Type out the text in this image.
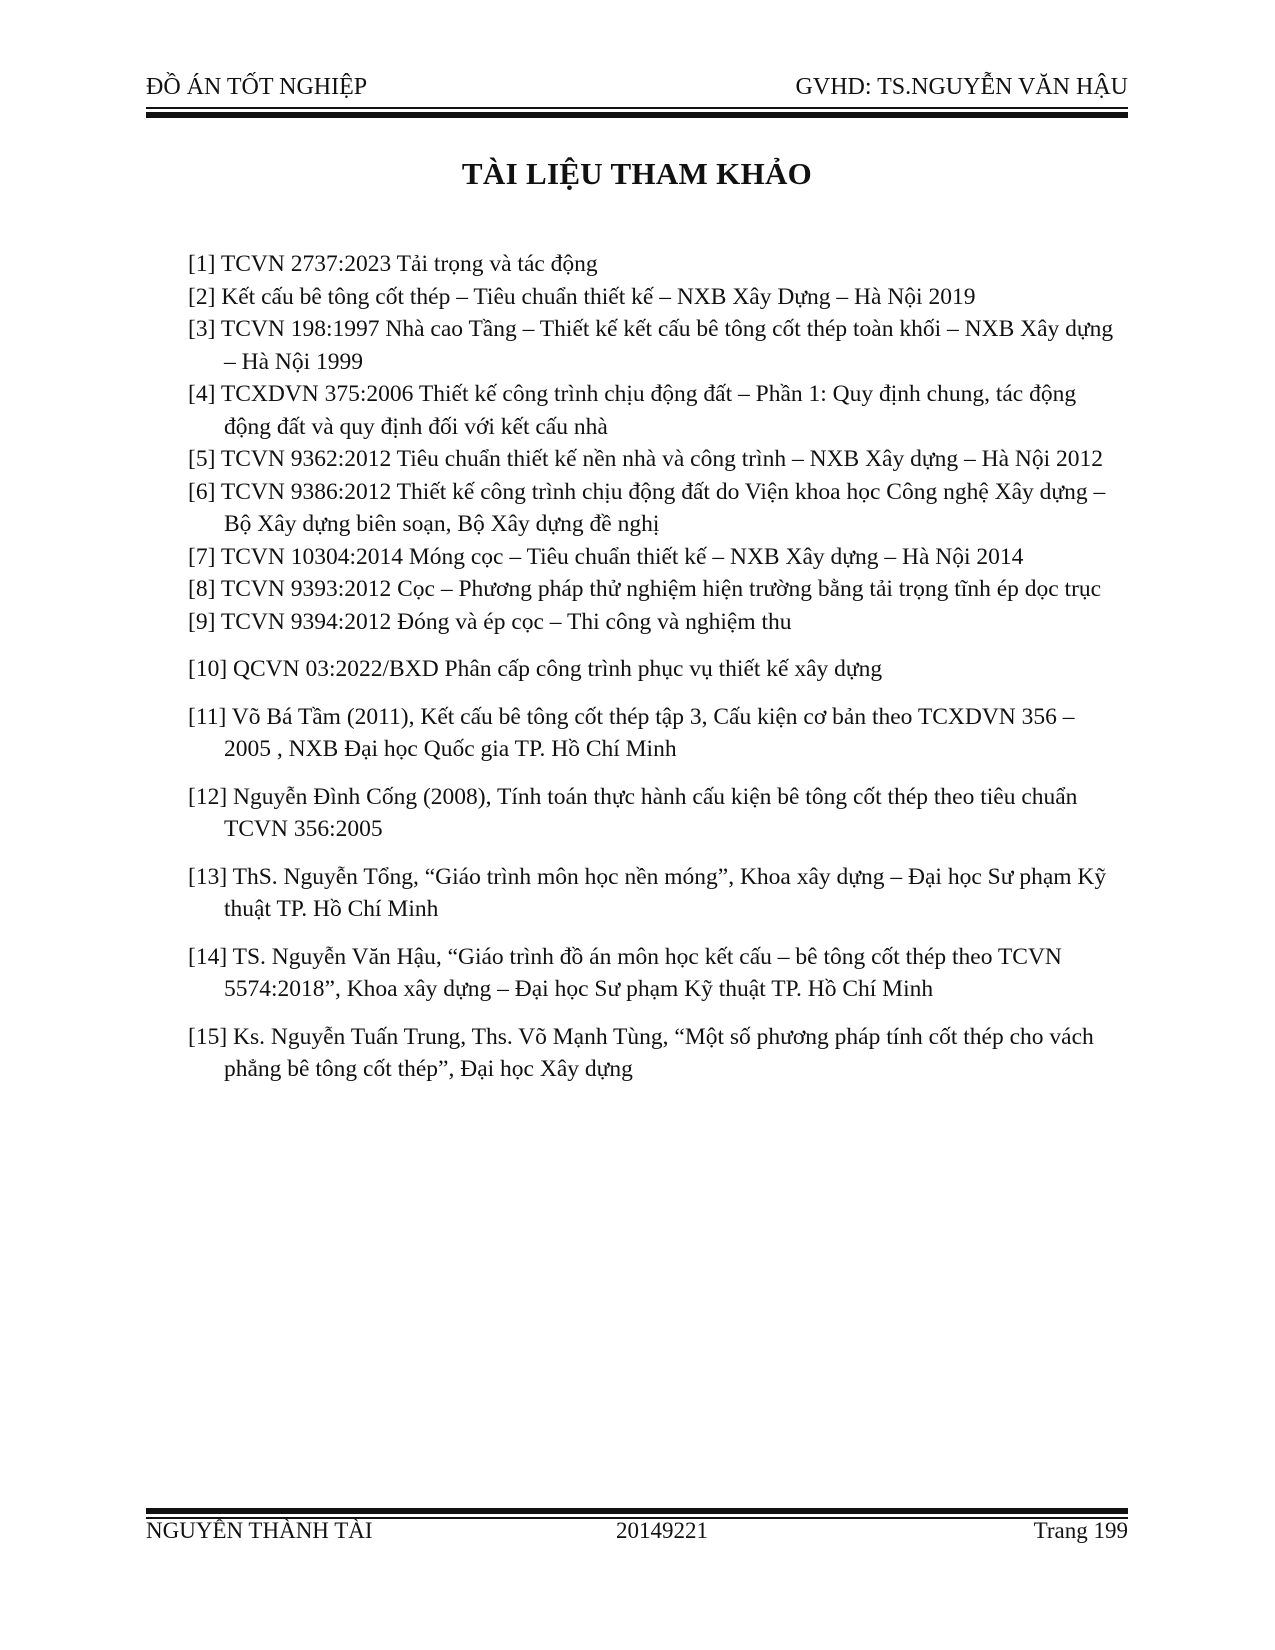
ĐỒ ÁN TỐT NGHIỆP	GVHD: TS.NGUYỄN VĂN HẬU
TÀI LIỆU THAM KHẢO
[1] TCVN 2737:2023 Tải trọng và tác động
[2] Kết cấu bê tông cốt thép – Tiêu chuẩn thiết kế – NXB Xây Dựng – Hà Nội 2019
[3] TCVN 198:1997 Nhà cao Tầng – Thiết kế kết cấu bê tông cốt thép toàn khối – NXB Xây dựng – Hà Nội 1999
[4] TCXDVN 375:2006 Thiết kế công trình chịu động đất – Phần 1: Quy định chung, tác động động đất và quy định đối với kết cấu nhà
[5] TCVN 9362:2012 Tiêu chuẩn thiết kế nền nhà và công trình – NXB Xây dựng – Hà Nội 2012
[6] TCVN 9386:2012 Thiết kế công trình chịu động đất do Viện khoa học Công nghệ Xây dựng – Bộ Xây dựng biên soạn, Bộ Xây dựng đề nghị
[7] TCVN 10304:2014 Móng cọc – Tiêu chuẩn thiết kế – NXB Xây dựng – Hà Nội 2014
[8] TCVN 9393:2012 Cọc – Phương pháp thử nghiệm hiện trường bằng tải trọng tĩnh ép dọc trục
[9] TCVN 9394:2012 Đóng và ép cọc – Thi công và nghiệm thu
[10] QCVN 03:2022/BXD Phân cấp công trình phục vụ thiết kế xây dựng
[11] Võ Bá Tầm (2011), Kết cấu bê tông cốt thép tập 3, Cấu kiện cơ bản theo TCXDVN 356 – 2005 , NXB Đại học Quốc gia TP. Hồ Chí Minh
[12] Nguyễn Đình Cống (2008), Tính toán thực hành cấu kiện bê tông cốt thép theo tiêu chuẩn TCVN 356:2005
[13] ThS. Nguyễn Tổng, “Giáo trình môn học nền móng”, Khoa xây dựng – Đại học Sư phạm Kỹ thuật TP. Hồ Chí Minh
[14] TS. Nguyễn Văn Hậu, “Giáo trình đồ án môn học kết cấu – bê tông cốt thép theo TCVN 5574:2018”, Khoa xây dựng – Đại học Sư phạm Kỹ thuật TP. Hồ Chí Minh
[15] Ks. Nguyễn Tuấn Trung, Ths. Võ Mạnh Tùng, “Một số phương pháp tính cốt thép cho vách phẳng bê tông cốt thép”, Đại học Xây dựng
NGUYỄN THÀNH TÀI	20149221	Trang 199
